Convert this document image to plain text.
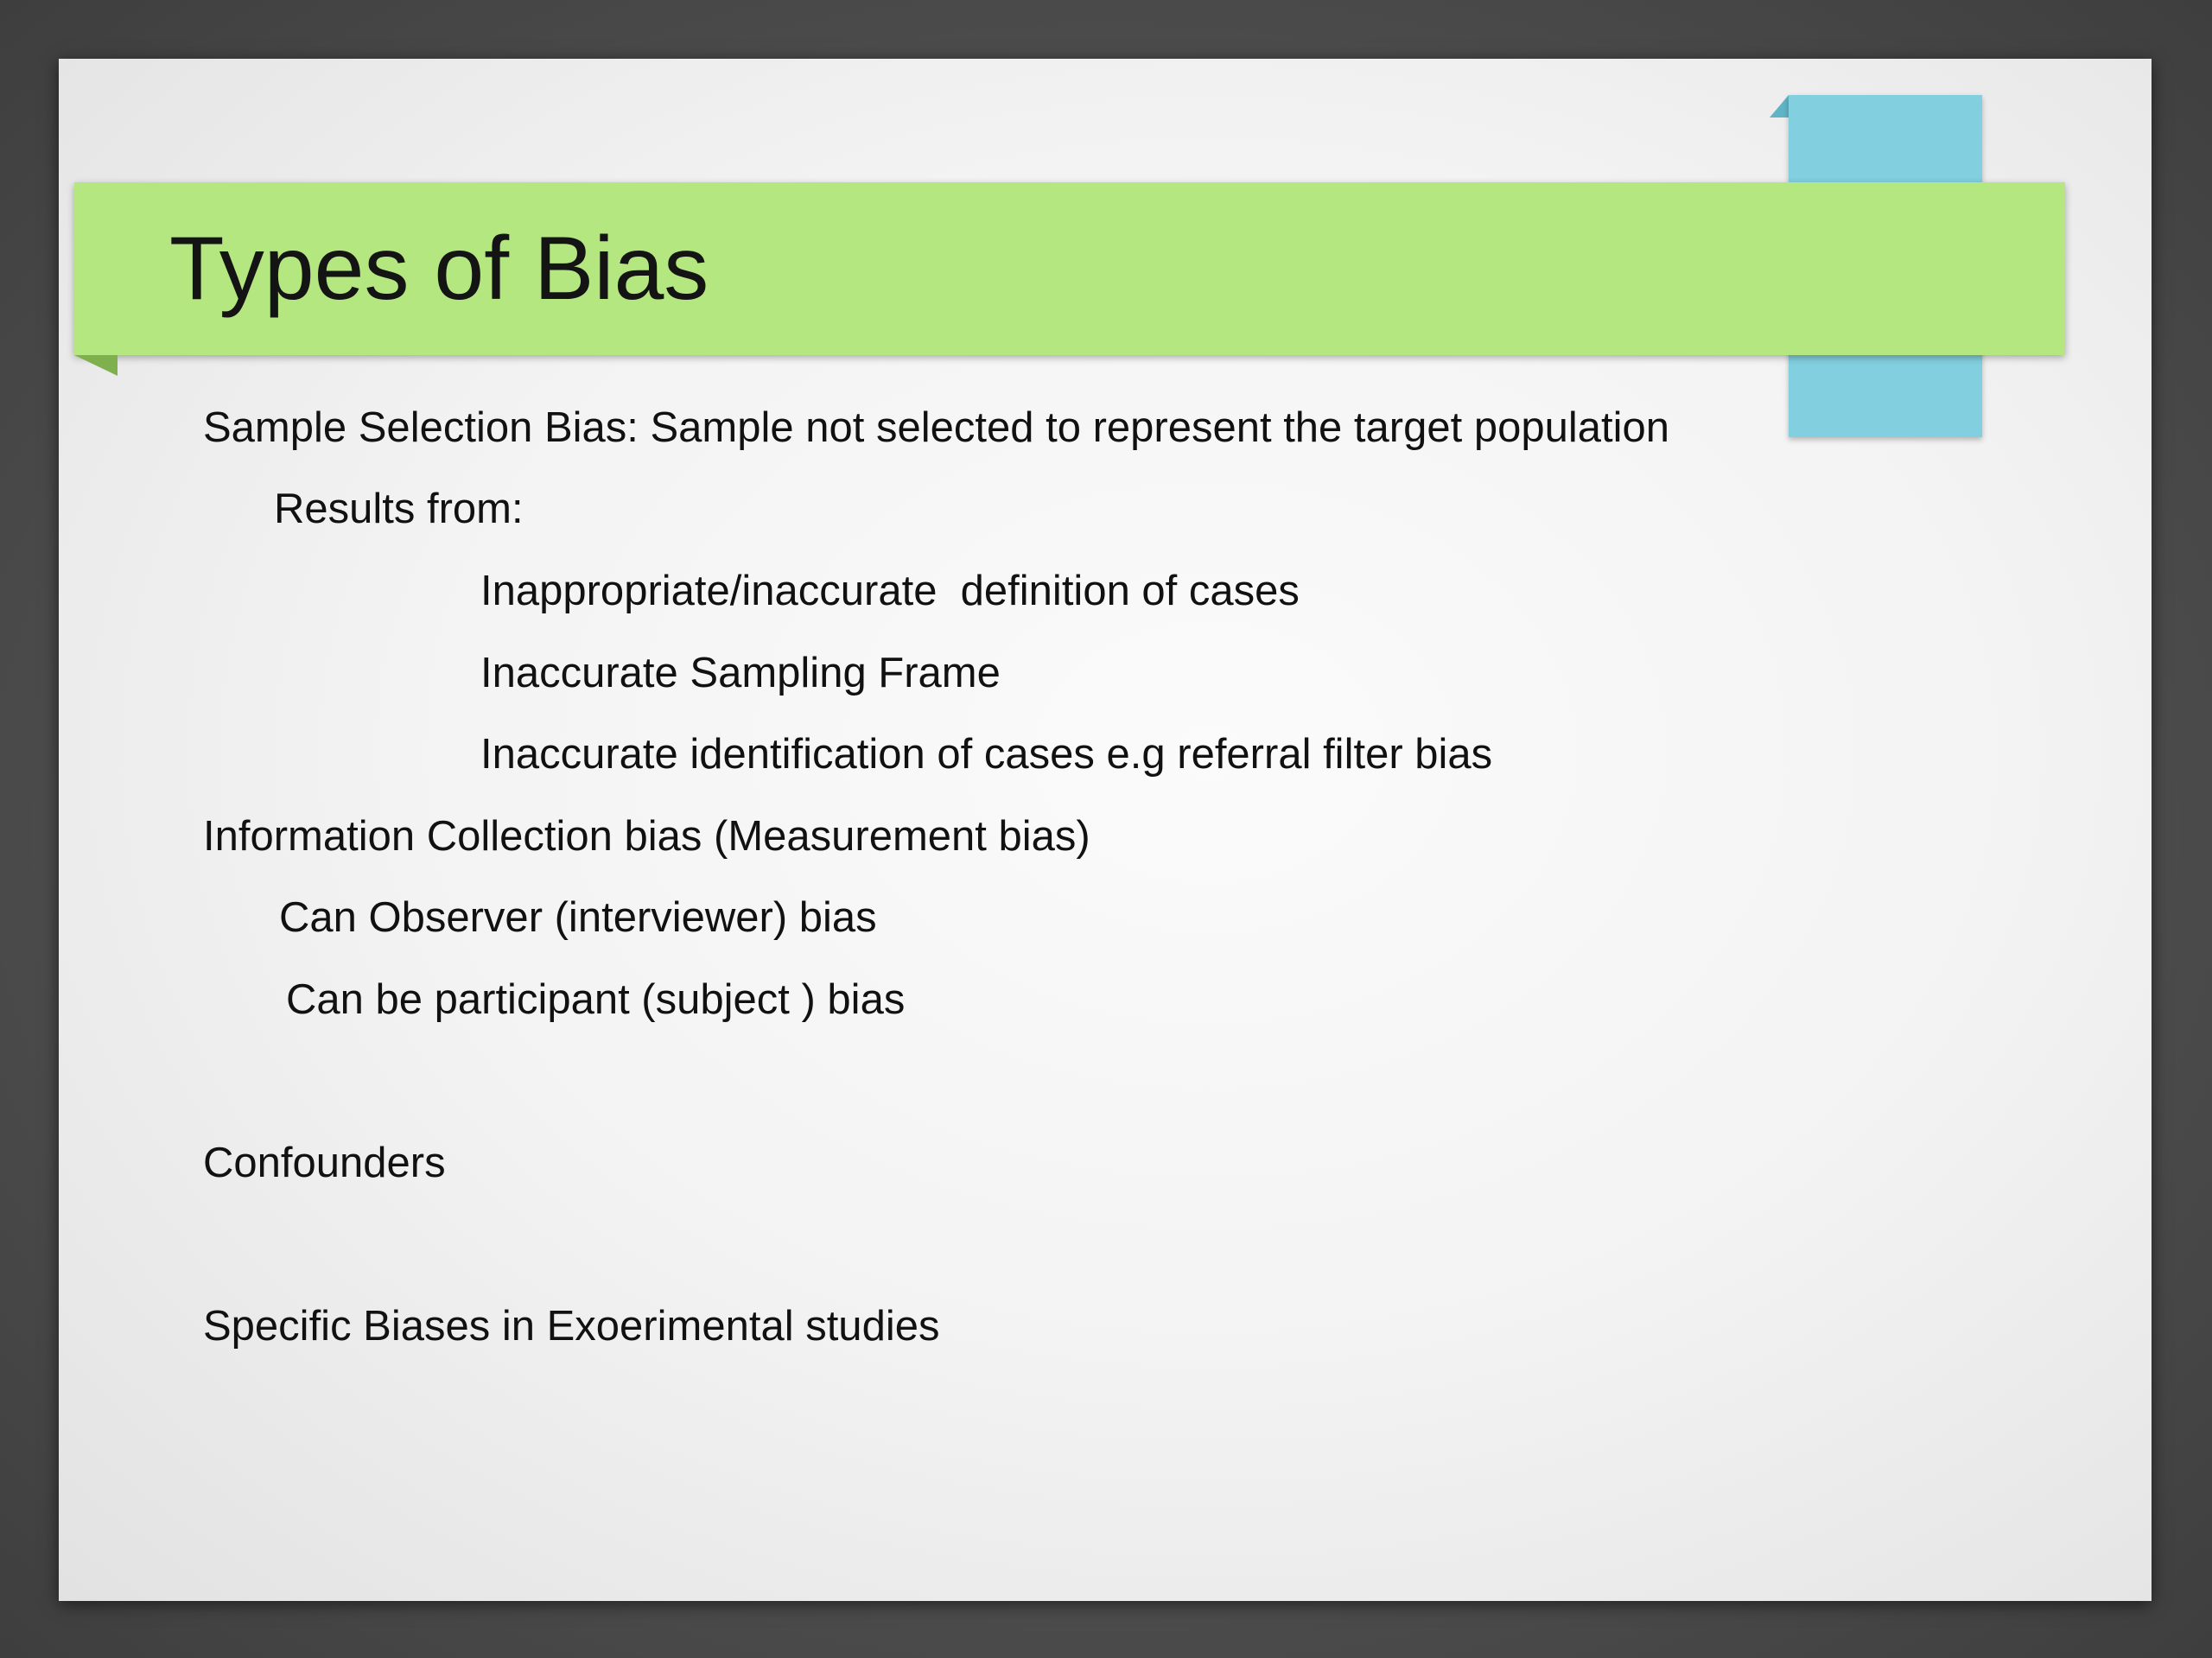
Types of Bias

Sample Selection Bias: Sample not selected to represent the target population

Results from:

Inappropriate/inaccurate  definition of cases

Inaccurate Sampling Frame

Inaccurate identification of cases e.g referral filter bias

Information Collection bias (Measurement bias)

Can Observer (interviewer) bias

Can be participant (subject ) bias

Confounders

Specific Biases in Exoerimental studies
